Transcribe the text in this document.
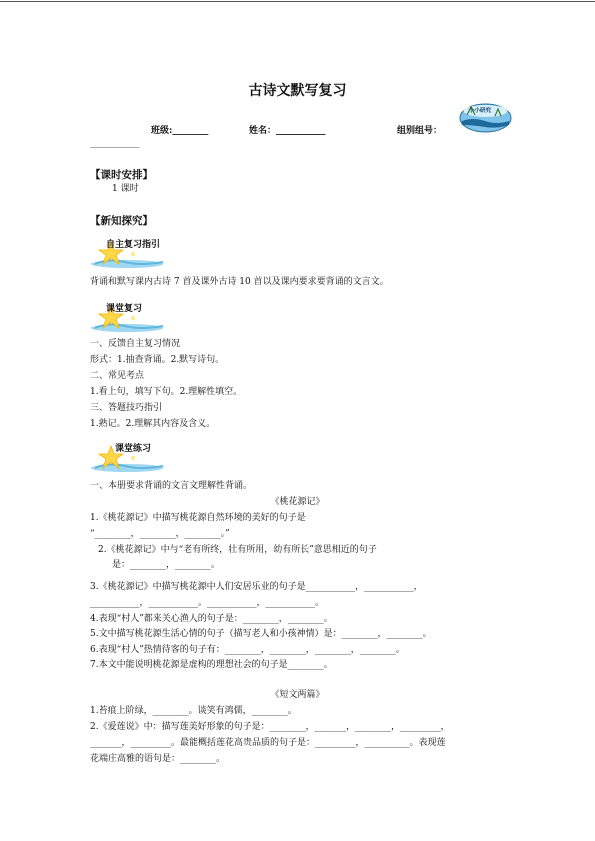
古诗文默写复习
班级:________	姓名：___________	组别组号：
___________
小小研究
【课时安排】
1 课时
【新知探究】
自主复习指引
背诵和默写课内古诗 7 首及课外古诗 10 首以及课内要求要背诵的文言文。
课堂复习
一、反馈自主复习情况
形式：1.抽查背诵。2.默写诗句。
二、常见考点
1.看上句，填写下句。2.理解性填空。
三、答题技巧指引
1.熟记。2.理解其内容及含义。
课堂练习
一、本册要求背诵的文言文理解性背诵。
《桃花源记》
1.《桃花源记》中描写桃花源自然环境的美好的句子是
“________，________，________。”
2.《桃花源记》中与“老有所终，壮有所用，幼有所长”意思相近的句子
是：________，________。
3.《桃花源记》中描写桃花源中人们安居乐业的句子是___________，___________，
___________，___________。___________，___________。
4.表现“村人”都来关心渔人的句子是：________，________。
5.文中描写桃花源生活心情的句子（描写老人和小孩神情）是：________，________。
6.表现“村人”热情待客的句子有：________，________，________，________。
7.本文中能说明桃花源是虚构的理想社会的句子是________。
《短文两篇》
1.苔痕上阶绿，________。谈笑有鸿儒，________。
2.《爱莲说》中：描写莲美好形象的句子是：________，_______，________，_________，
_______，_________。最能概括莲花高贵品质的句子是：_________，__________。表现莲
花端庄高雅的语句是：________。
